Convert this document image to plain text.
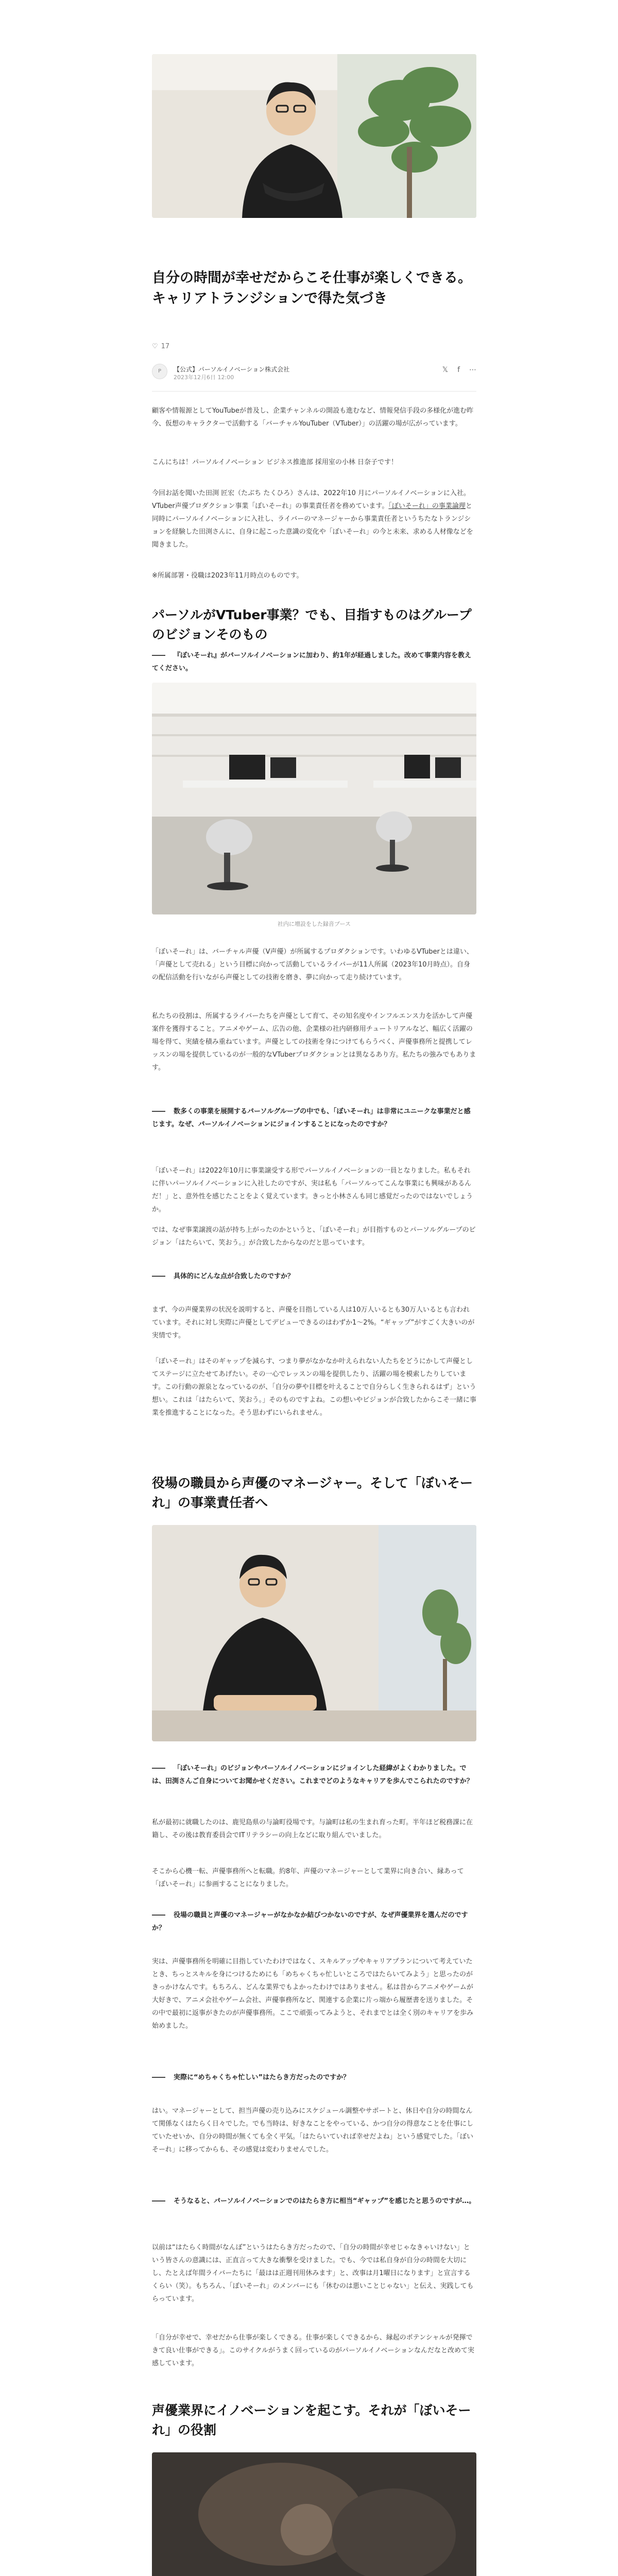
自分の時間が幸せだからこそ仕事が楽しくできる。キャリアトランジションで得た気づき
♡ 17
P	【公式】パーソルイノベーション株式会社
2023年12月6日 12:00
𝕏 f ⋯

顧客や情報源としてYouTubeが普及し、企業チャンネルの開設も進むなど、情報発信手段の多様化が進む昨今、仮想のキャラクターで活動する「バーチャルYouTuber（VTuber）」の活躍の場が広がっています。

こんにちは！パーソルイノベーション ビジネス推進部 採用室の小林 日奈子です！

今回お話を聞いた田渕 匠宏（たぶち たくひろ）さんは、2022年10 月にパーソルイノベーションに入社。VTuber声優プロダクション事業「ぼいそーれ」の事業責任者を務めています。「ぼいそーれ」の事業論理と同時にパーソルイノベーションに入社し、ライバーのマネージャーから事業責任者というちたなトランジションを経験した田渕さんに、自身に起こった意識の変化や「ぼいそーれ」の今と未来、求める人材像などを聞きました。

※所属部署・役職は2023年11月時点のものです。

パーソルがVTuber事業？でも、目指すものはグループのビジョンそのもの

―― 『ぼいそーれ』がパーソルイノベーションに加わり、約1年が経過しました。改めて事業内容を教えてください。

社内に増設をした録音ブース

「ぼいそーれ」は、バーチャル声優（V声優）が所属するプロダクションです。いわゆるVTuberとは違い、「声優として売れる」という目標に向かって活動しているライバーが11人所属（2023年10月時点）。自身の配信活動を行いながら声優としての技術を磨き、夢に向かって走り続けています。

私たちの役割は、所属するライバーたちを声優として育て、その知名度やインフルエンス力を活かして声優案件を獲得すること。アニメやゲーム、広告の他、企業様の社内研修用チュートリアルなど、幅広く活躍の場を得て、実績を積み重ねています。声優としての技術を身につけてもらうべく、声優事務所と提携してレッスンの場を提供しているのが一般的なVTuberプロダクションとは異なるあり方。私たちの強みでもあります。

―― 数多くの事業を展開するパーソルグループの中でも、「ぼいそーれ」は非常にユニークな事業だと感じます。なぜ、パーソルイノベーションにジョインすることになったのですか？

「ぼいそーれ」は2022年10月に事業譲受する形でパーソルイノベーションの一員となりました。私もそれに伴いパーソルイノベーションに入社したのですが、実は私も「パーソルってこんな事業にも興味があるんだ！」と、意外性を感じたことをよく覚えています。きっと小林さんも同じ感覚だったのではないでしょうか。

では、なぜ事業譲渡の話が持ち上がったのかというと、「ぼいそーれ」が目指すものとパーソルグループのビジョン「はたらいて、笑おう。」が合致したからなのだと思っています。

―― 具体的にどんな点が合致したのですか？

まず、今の声優業界の状況を説明すると、声優を目指している人は10万人いるとも30万人いるとも言われています。それに対し実際に声優としてデビューできるのはわずか1～2%。“ギャップ”がすごく大きいのが実情です。

「ぼいそーれ」はそのギャップを減らす、つまり夢がなかなか叶えられない人たちをどうにかして声優としてステージに立たせてあげたい。その一心でレッスンの場を提供したり、活躍の場を模索したりしています。この行動の源泉となっているのが、「自分の夢や目標を叶えることで自分らしく生きられるはず」という想い。これは「はたらいて、笑おう。」そのものですよね。この想いやビジョンが合致したからこそ一緒に事業を推進することになった。そう思わずにいられません。

役場の職員から声優のマネージャー。そして「ぼいそーれ」の事業責任者へ

―― 「ぼいそーれ」のビジョンやパーソルイノベーションにジョインした経緯がよくわかりました。では、田渕さんご自身についてお聞かせください。これまでどのようなキャリアを歩んでこられたのですか？

私が最初に就職したのは、鹿児島県の与論町役場です。与論町は私の生まれ育った町。半年ほど税務課に在籍し、その後は教育委員会でITリテラシーの向上などに取り組んでいました。

そこから心機一転、声優事務所へと転職。約8年、声優のマネージャーとして業界に向き合い、縁あって「ぼいそーれ」に参画することになりました。

―― 役場の職員と声優のマネージャーがなかなか結びつかないのですが、なぜ声優業界を選んだのですか？

実は、声優事務所を明確に目指していたわけではなく、スキルアップやキャリアプランについて考えていたとき、ちっとスキルを身につけるためにも「めちゃくちゃ忙しいところではたらいてみよう」と思ったのがきっかけなんです。もちろん、どんな業界でもよかったわけではありません。私は昔からアニメやゲームが大好きで、アニメ会社やゲーム会社、声優事務所など、関連する企業に片っ端から履歴書を送りました。その中で最初に返事がきたのが声優事務所。ここで頑張ってみようと、それまでとは全く別のキャリアを歩み始めました。

―― 実際に“めちゃくちゃ忙しい”はたらき方だったのですか？

はい。マネージャーとして、担当声優の売り込みにスケジュール調整やサポートと、休日や自分の時間なんて関係なくはたらく日々でした。でも当時は、好きなことをやっている、かつ自分の得意なことを仕事にしていたせいか、自分の時間が無くても全く平気。「はたらいていれば幸せだよね」という感覚でした。「ぼいそーれ」に移ってからも、その感覚は変わりませんでした。

―― そうなると、パーソルイノベーションでのはたらき方に相当“ギャップ”を感じたと思うのですが…。

以前は“はたらく時間がなんぼ”というはたらき方だったので、「自分の時間が幸せじゃなきゃいけない」という皆さんの意識には、正直言って大きな衝撃を受けました。でも、今では私自身が自分の時間を大切にし、たとえば年間ライバーたちに「最はは正週刊用休みます」と、改事は月1曜日になります」と宣言するくらい（笑）。もちろん、「ぼいそーれ」のメンバーにも「休むのは悪いことじゃない」と伝え、実践してもらっています。

「自分が幸せで、幸せだから仕事が楽しくできる。仕事が楽しくできるから、縁起のポテンシャルが発揮できて良い仕事ができる」。このサイクルがうまく回っているのがパーソルイノベーションなんだなと改めて実感しています。

声優業界にイノベーションを起こす。それが「ぼいそーれ」の役割
